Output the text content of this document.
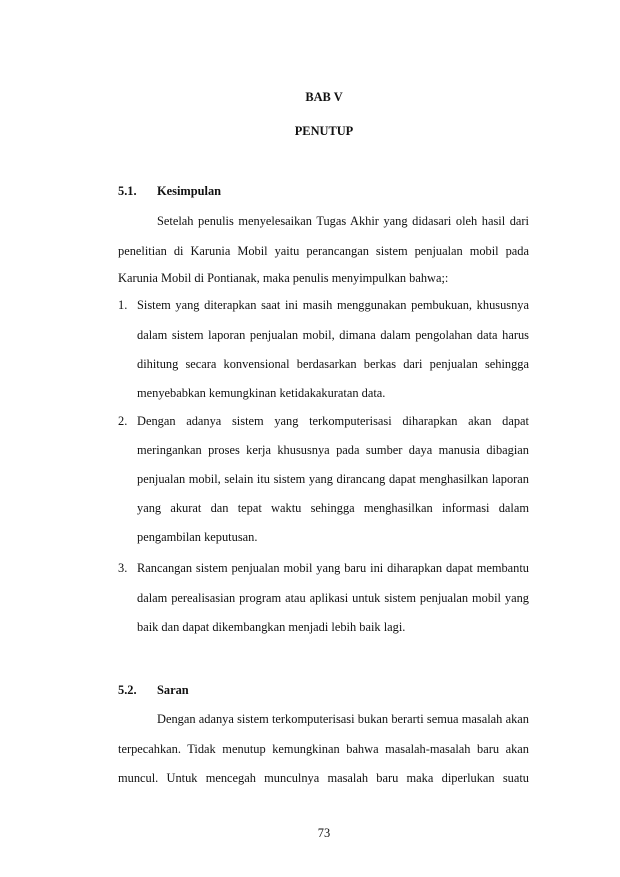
BAB V
PENUTUP
5.1. Kesimpulan
Setelah penulis menyelesaikan Tugas Akhir yang didasari oleh hasil dari
penelitian di Karunia Mobil yaitu perancangan sistem penjualan mobil pada
Karunia Mobil di Pontianak, maka penulis menyimpulkan bahwa;:
1. Sistem yang diterapkan saat ini masih menggunakan pembukuan, khususnya
dalam sistem laporan penjualan mobil, dimana dalam pengolahan data harus
dihitung secara konvensional berdasarkan berkas dari penjualan sehingga
menyebabkan kemungkinan ketidakakuratan data.
2. Dengan adanya sistem yang terkomputerisasi diharapkan akan dapat
meringankan proses kerja khususnya pada sumber daya manusia dibagian
penjualan mobil, selain itu sistem yang dirancang dapat menghasilkan laporan
yang akurat dan tepat waktu sehingga menghasilkan informasi dalam
pengambilan keputusan.
3. Rancangan sistem penjualan mobil yang baru ini diharapkan dapat membantu
dalam perealisasian program atau aplikasi untuk sistem penjualan mobil yang
baik dan dapat dikembangkan menjadi lebih baik lagi.
5.2. Saran
Dengan adanya sistem terkomputerisasi bukan berarti semua masalah akan
terpecahkan. Tidak menutup kemungkinan bahwa masalah-masalah baru akan
muncul. Untuk mencegah munculnya masalah baru maka diperlukan suatu
73
